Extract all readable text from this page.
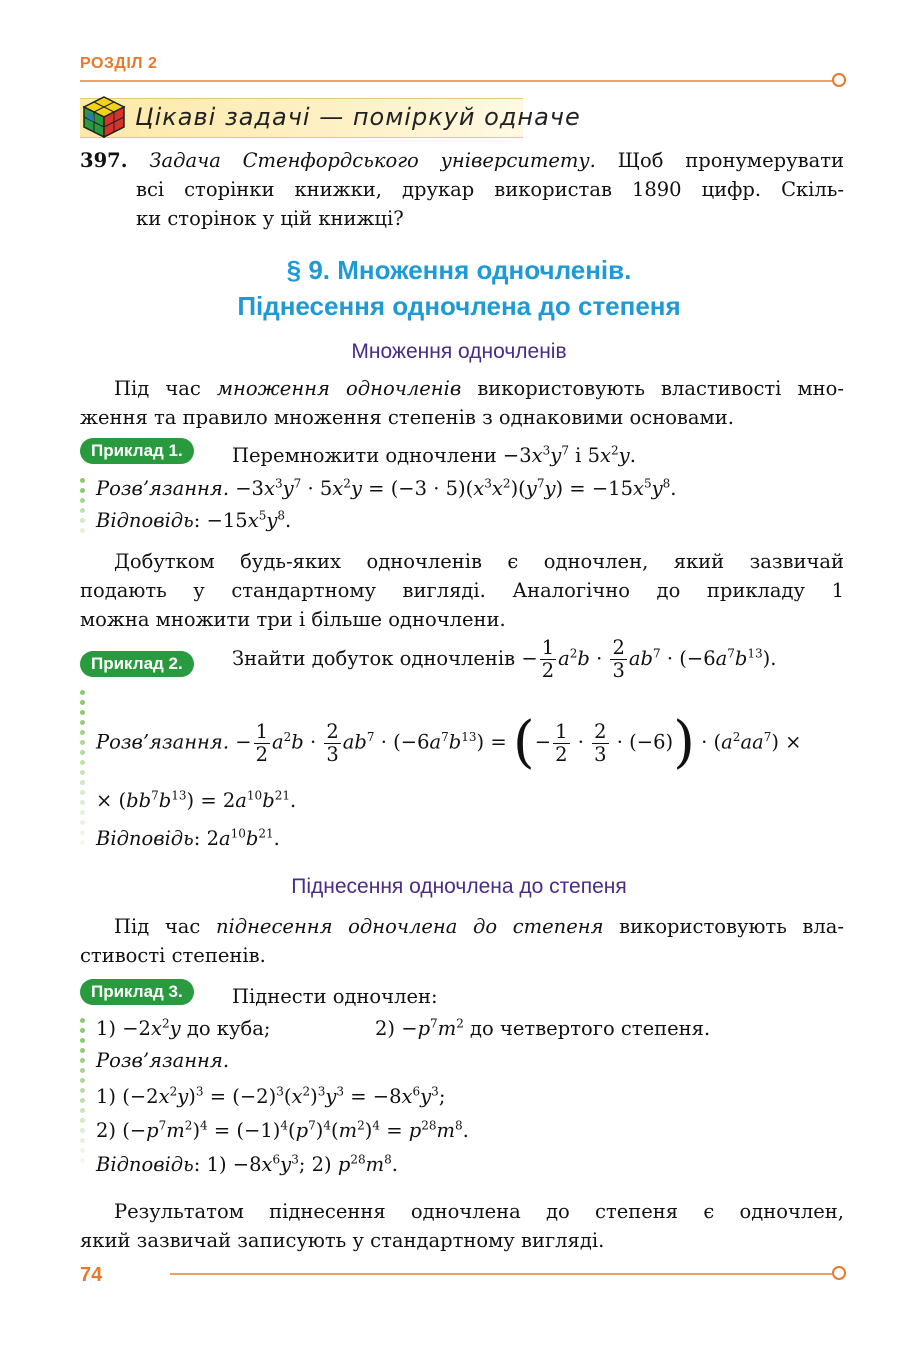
РОЗДІЛ 2
Цікаві задачі — поміркуй одначе
397. Задача Стенфордського університету. Щоб пронумерувати
всі сторінки книжки, друкар використав 1890 цифр. Скіль-
ки сторінок у цій книжці?
§ 9. Множення одночленів.
Піднесення одночлена до степеня
Множення одночленів
Під час множення одночленів використовують властивості мно-
ження та правило множення степенів з однаковими основами.
Приклад 1.	Перемножити одночлени $-3x^3y^7$ і $5x^2y$.
Розв’язання. $-3x^3y^7 \cdot 5x^2y = (-3 \cdot 5)(x^3x^2)(y^7y) = -15x^5y^8$.
Відповідь: $-15x^5y^8$.
Добутком будь-яких одночленів є одночлен, який зазвичай
подають у стандартному вигляді. Аналогічно до прикладу 1
можна множити три і більше одночлени.
Приклад 2.	Знайти добуток одночленів − $\frac{1}{2} a^2b \cdot \frac{2}{3} ab^7 \cdot (-6a^7b^{13})$.
Розв’язання. − $\frac{1}{2} a^2b \cdot \frac{2}{3} ab^7 \cdot (-6a^7b^{13})$ = (− $\frac{1}{2} \cdot \frac{2}{3} \cdot (-6)) \cdot (a^2aa^7)$ ×
× $(bb^7b^{13}) = 2a^{10}b^{21}$.
Відповідь: $2a^{10}b^{21}$.
Піднесення одночлена до степеня
Під час піднесення одночлена до степеня використовують вла-
стивості степенів.
Приклад 3.	Піднести одночлен:
$1) -2x^2y$ до куба;	$2) -p^7m^2$ до четвертого степеня.
Розв’язання.
1) $(-2x^2y)^3 = (-2)^3(x^2)^3y^3 = -8x^6y^3$;
2) $(-p^7m^2)^4 = (-1)^4(p^7)^4(m^2)^4 = p^{28}m^8$.
Відповідь: $1) -8x^6y^3$; 2) $p^{28}m^8$.
Результатом піднесення одночлена до степеня є одночлен,
який зазвичай записують у стандартному вигляді.
74
